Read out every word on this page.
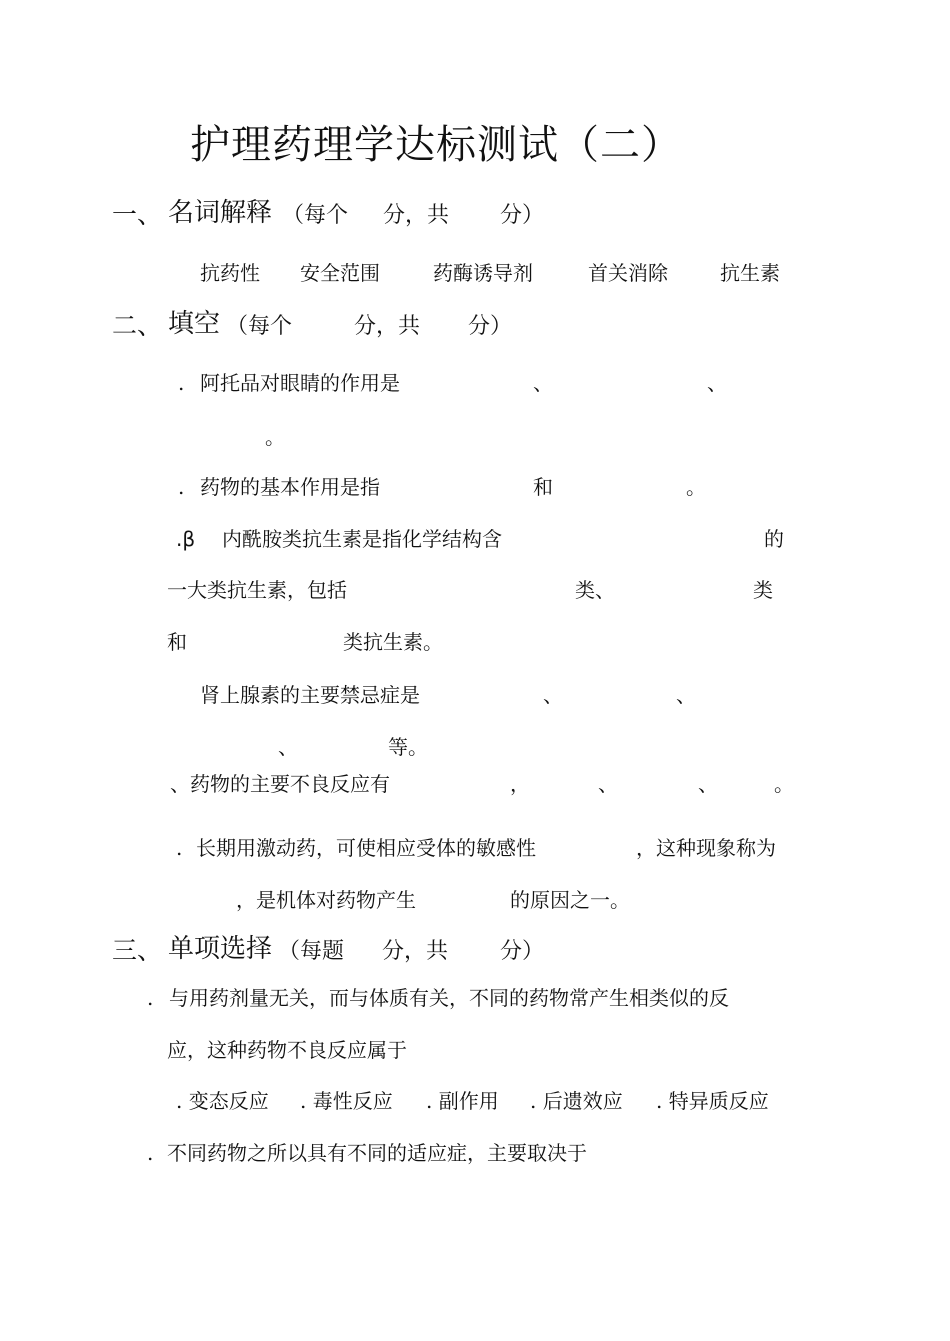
护理药理学达标测试（二）
一、 名词解释 （每个 分，共 分）
抗药性 安全范围	药酶诱导剂	首关消除	抗生素
二、 填空 （每个	分，共 分）
. 阿托品对眼睛的作用是	、	、
。
. 药物的基本作用是指	和	。
.β 内酰胺类抗生素是指化学结构含	的
一大类抗生素，包括	类、	类
和	类抗生素。
肾上腺素的主要禁忌症是	、	、
、	等。
、药物的主要不良反应有	，	、	、	。
. 长期用激动药，可使相应受体的敏感性	，这种现象称为
，是机体对药物产生	的原因之一。
三、 单项选择 （每题 分，共 分）
. 与用药剂量无关，而与体质有关，不同的药物常产生相类似的反
应，这种药物不良反应属于
. 变态反应 . 毒性反应 . 副作用 . 后遗效应 . 特异质反应
. 不同药物之所以具有不同的适应症，主要取决于
